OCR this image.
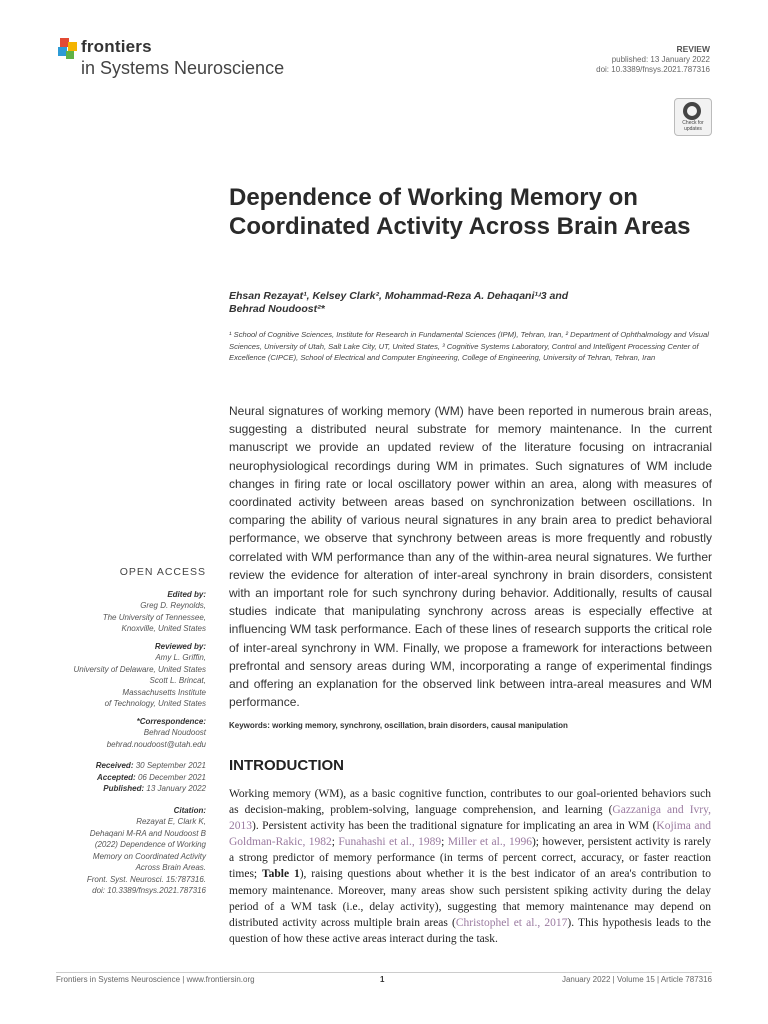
frontiers
in Systems Neuroscience
REVIEW
published: 13 January 2022
doi: 10.3389/fnsys.2021.787316
Check for updates
Dependence of Working Memory on Coordinated Activity Across Brain Areas
Ehsan Rezayat¹, Kelsey Clark², Mohammad-Reza A. Dehaqani¹ʴ3 and
Behrad Noudoost²*
¹ School of Cognitive Sciences, Institute for Research in Fundamental Sciences (IPM), Tehran, Iran, ² Department of Ophthalmology and Visual Sciences, University of Utah, Salt Lake City, UT, United States, ³ Cognitive Systems Laboratory, Control and Intelligent Processing Center of Excellence (CIPCE), School of Electrical and Computer Engineering, College of Engineering, University of Tehran, Tehran, Iran
Neural signatures of working memory (WM) have been reported in numerous brain areas, suggesting a distributed neural substrate for memory maintenance. In the current manuscript we provide an updated review of the literature focusing on intracranial neurophysiological recordings during WM in primates. Such signatures of WM include changes in firing rate or local oscillatory power within an area, along with measures of coordinated activity between areas based on synchronization between oscillations. In comparing the ability of various neural signatures in any brain area to predict behavioral performance, we observe that synchrony between areas is more frequently and robustly correlated with WM performance than any of the within-area neural signatures. We further review the evidence for alteration of inter-areal synchrony in brain disorders, consistent with an important role for such synchrony during behavior. Additionally, results of causal studies indicate that manipulating synchrony across areas is especially effective at influencing WM task performance. Each of these lines of research supports the critical role of inter-areal synchrony in WM. Finally, we propose a framework for interactions between prefrontal and sensory areas during WM, incorporating a range of experimental findings and offering an explanation for the observed link between intra-areal measures and WM performance.
Keywords: working memory, synchrony, oscillation, brain disorders, causal manipulation
INTRODUCTION
Working memory (WM), as a basic cognitive function, contributes to our goal-oriented behaviors such as decision-making, problem-solving, language comprehension, and learning (Gazzaniga and Ivry, 2013). Persistent activity has been the traditional signature for implicating an area in WM (Kojima and Goldman-Rakic, 1982; Funahashi et al., 1989; Miller et al., 1996); however, persistent activity is rarely a strong predictor of memory performance (in terms of percent correct, accuracy, or faster reaction times; Table 1), raising questions about whether it is the best indicator of an area's contribution to memory maintenance. Moreover, many areas show such persistent spiking activity during the delay period of a WM task (i.e., delay activity), suggesting that memory maintenance may depend on distributed activity across multiple brain areas (Christophel et al., 2017). This hypothesis leads to the question of how these active areas interact during the task.
OPEN ACCESS
Edited by:
Greg D. Reynolds,
The University of Tennessee,
Knoxville, United States
Reviewed by:
Amy L. Griffin,
University of Delaware, United States
Scott L. Brincat,
Massachusetts Institute
of Technology, United States
*Correspondence:
Behrad Noudoost
behrad.noudoost@utah.edu
Received: 30 September 2021
Accepted: 06 December 2021
Published: 13 January 2022
Citation:
Rezayat E, Clark K,
Dehaqani M-RA and Noudoost B
(2022) Dependence of Working
Memory on Coordinated Activity
Across Brain Areas.
Front. Syst. Neurosci. 15:787316.
doi: 10.3389/fnsys.2021.787316
Frontiers in Systems Neuroscience | www.frontiersin.org	1	January 2022 | Volume 15 | Article 787316
